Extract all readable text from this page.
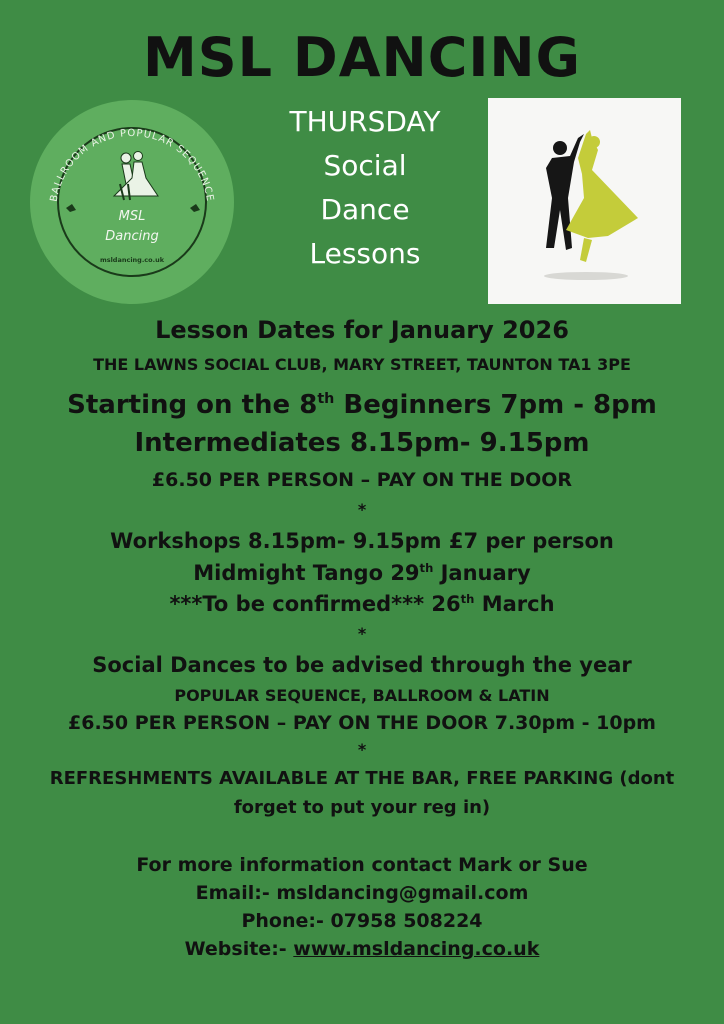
MSL DANCING
BALLROOM AND POPULAR SEQUENCE
MSL
Dancing
msldancing.co.uk
THURSDAY
Social
Dance
Lessons
Lesson Dates for January 2026
THE LAWNS SOCIAL CLUB, MARY STREET, TAUNTON TA1 3PE
Starting on the 8th Beginners 7pm - 8pm
Intermediates 8.15pm- 9.15pm
£6.50 PER PERSON – PAY ON THE DOOR
*
Workshops 8.15pm- 9.15pm £7 per person
Midmight Tango 29th January
***To be confirmed*** 26th March
*
Social Dances to be advised through the year
POPULAR SEQUENCE, BALLROOM & LATIN
£6.50 PER PERSON – PAY ON THE DOOR 7.30pm - 10pm
*
REFRESHMENTS AVAILABLE AT THE BAR, FREE PARKING (dont
forget to put your reg in)
For more information contact Mark or Sue
Email:- msldancing@gmail.com
Phone:- 07958 508224
Website:- www.msldancing.co.uk
